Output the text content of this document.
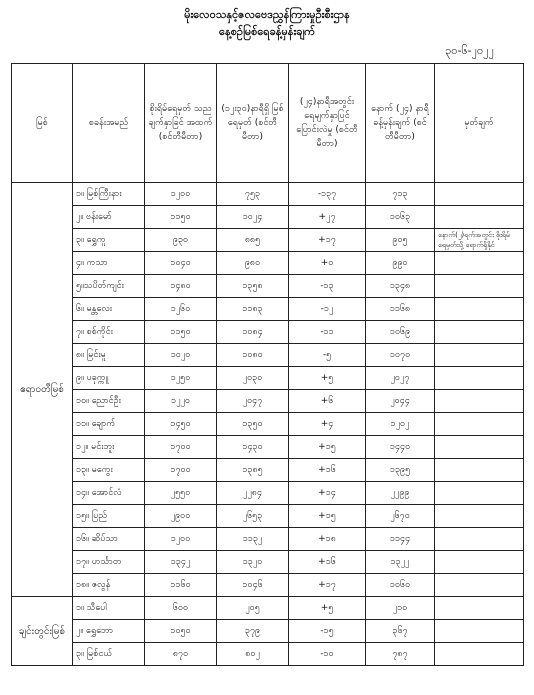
မိုးလေဝသနှင့်ဇလဗေဒညွှန်ကြားမှုဦးစီးဌာန
နေ့စဉ်မြစ်ရေခန့်မှန်းချက်
၃၀-၆-၂၀၂၂
မြစ်	စခန်းအမည်	စိုးရိမ်ရေမှတ် သည ချက်နှာခြင် အထက် (စင်တီမီတာ)	(၁၂း၃၀)နာရီရှိ မြစ်ရေမှတ် (စင်တီမီတာ)	(၂၄)နာရီအတွင်း ရေမျက်နှာပြင် ပြောင်းလဲမှု (စင်တီမီတာ)	နောက် (၂၄) နာရီ ခန့်မှန်းချက် (စင်တီမီတာ)	မှတ်ချက်
ဧရာဝတီမြစ်	၁။ မြစ်ကြီးနား	၁၂၀၀	၇၅၃	-၁၃၇	၇၁၃	
	၂။ ဗန်းမော်	၁၁၅၀	၁၀၂၄	+၂၇	၁၀၆၃	
	၃။ ရွှေကူ	၉၃၀	၈၈၅	+၁၇	၉၀၅	နောက်(၂)ရက်အတွင်း စိုးရိမ်ရေမှတ်သို့ ရောက်ရှိနိုင်
	၄။ ကသာ	၁၀၄၀	၉၈၀	+၀	၉၉၀	
	၅။သပိတ်ကျင်း	၁၄၈၀	၁၃၅၈	-၁၃	၁၃၄၈	
	၆။ မန္တလေး	၁၂၆၀	၁၁၈၃	-၁၂	၁၁၆၈	
	၇။ စစ်ကိုင်း	၁၁၅၀	၁၀၈၄	-၁၁	၁၀၆၉	
	၈။ မြင်းမူ	၁၀၂၀	၁၀၈၀	-၅	၁၀၇၀	
	၉။ ပခုက္ကူ	၁၂၅၀	၂၀၃၀	+၅	၂၀၂၇	
	၁၀။ ညောင်ဦး	၁၂၂၀	၂၀၄၇	+၆	၂၀၄၄	
	၁၁။ ချောက်	၁၄၅၀	၁၃၅၀	+၄	၁၂၀၂	
	၁၂။ မင်းဘူး	၁၇၀၀	၁၄၃၀	+၁၅	၁၄၄၀	
	၁၃။ မကွေး	၁၇၀၀	၁၃၈၅	+၁၆	၁၃၉၅	
	၁၄။ အောင်လံ	၂၅၅၀	၂၂၈၄	+၁၄	၂၂၉၉	
	၁၅။ ပြည်	၂၉၀၀	၂၆၅၃	+၁၅	၂၆၇၀	
	၁၆။ ဆိပ်သာ	၁၂၀၀	၁၁၃၂	+၁၈	၁၁၄၄	
	၁၇။ ဟင်္သာတ	၁၃၄၂	၁၃၂၀	+၁၆	၁၃၂၂	
	၁၈။ ဇလွန်	၁၁၆၀	၁၀၄၆	+၁၇	၁၀၆၀	
ချင်းတွင်းမြစ်	၁။ သီပေါ	၆၀၀	၂၀၅	+၅	၂၁၀	
	၂။ ရွှေဘော	၁၀၅၀	၃၇၉	-၁၅	၃၆၇	
	၃။ မြစ်ငယ်	၈၇၀	၈၀၂	-၁၀	၇၈၇	
